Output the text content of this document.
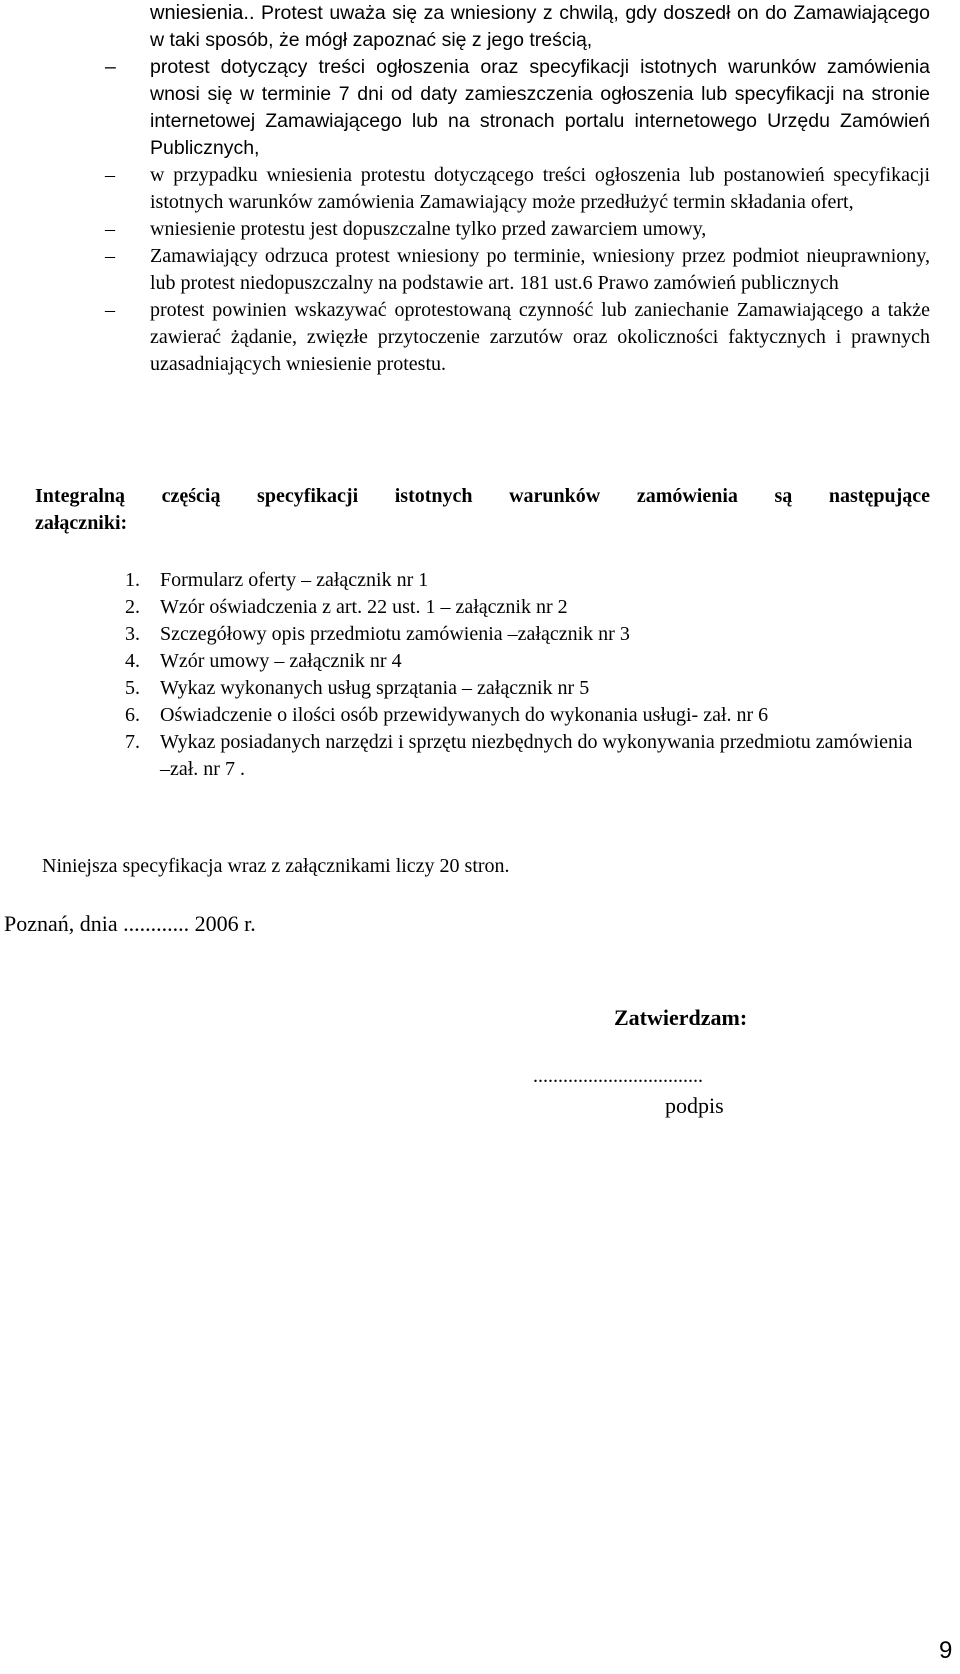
wniesienia.. Protest uważa się za wniesiony z chwilą, gdy doszedł on do Zamawiającego w taki sposób, że mógł zapoznać się z jego treścią,
–	protest dotyczący treści ogłoszenia oraz specyfikacji istotnych warunków zamówienia wnosi się w terminie 7 dni od daty zamieszczenia ogłoszenia lub specyfikacji na stronie internetowej Zamawiającego lub na stronach portalu internetowego Urzędu Zamówień Publicznych,
–	w przypadku wniesienia protestu dotyczącego treści ogłoszenia lub postanowień specyfikacji istotnych warunków zamówienia Zamawiający może przedłużyć termin składania ofert,
–	wniesienie protestu jest dopuszczalne tylko przed zawarciem umowy,
–	Zamawiający odrzuca protest wniesiony po terminie, wniesiony przez podmiot nieuprawniony, lub protest niedopuszczalny na podstawie art. 181 ust.6 Prawo zamówień publicznych
–	protest powinien wskazywać oprotestowaną czynność lub zaniechanie Zamawiającego a także zawierać żądanie, zwięzłe przytoczenie zarzutów oraz okoliczności faktycznych i prawnych uzasadniających wniesienie protestu.
Integralną częścią specyfikacji istotnych warunków zamówienia są następujące
załączniki:
1. Formularz oferty – załącznik nr 1
2. Wzór oświadczenia z art. 22 ust. 1 – załącznik nr 2
3. Szczegółowy opis przedmiotu zamówienia –załącznik nr 3
4. Wzór umowy – załącznik nr 4
5. Wykaz wykonanych usług sprzątania – załącznik nr 5
6. Oświadczenie o ilości osób przewidywanych do wykonania usługi- zał. nr 6
7. Wykaz posiadanych narzędzi i sprzętu niezbędnych do wykonywania przedmiotu zamówienia –zał. nr 7 .
Niniejsza specyfikacja wraz z załącznikami liczy 20 stron.
Poznań, dnia ............ 2006 r.
Zatwierdzam:
..................................
podpis
9
